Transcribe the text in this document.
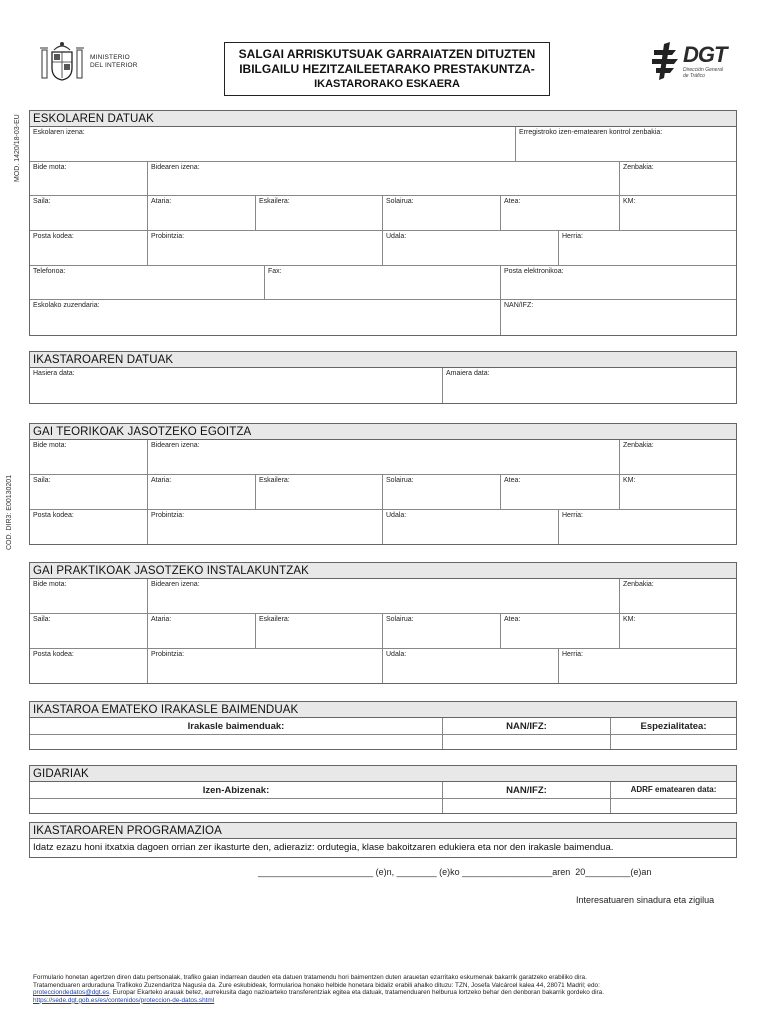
MINISTERIO
DEL INTERIOR
SALGAI ARRISKUTSUAK GARRAIATZEN DITUZTEN
IBILGAILU HEZITZAILEETARAKO PRESTAKUNTZA-
IKASTARORAKO ESKAERA
DGT
Dirección General
de Tráfico
MOD. 1420/18-03-EU
COD. DIR3: E00130201
ESKOLAREN DATUAK
Eskolaren izena:	Erregistroko izen-ematearen kontrol zenbakia:
Bide mota:	Bidearen izena:	Zenbakia:
Saila:	Ataria:	Eskailera:	Solairua:	Atea:	KM:
Posta kodea:	Probintzia:	Udala:	Herria:
Telefonoa:	Fax:	Posta elektronikoa:
Eskolako zuzendaria:	NAN/IFZ:
IKASTAROAREN DATUAK
Hasiera data:	Amaiera data:
GAI TEORIKOAK JASOTZEKO EGOITZA
Bide mota:	Bidearen izena:	Zenbakia:
Saila:	Ataria:	Eskailera:	Solairua:	Atea:	KM:
Posta kodea:	Probintzia:	Udala:	Herria:
GAI PRAKTIKOAK JASOTZEKO INSTALAKUNTZAK
Bide mota:	Bidearen izena:	Zenbakia:
Saila:	Ataria:	Eskailera:	Solairua:	Atea:	KM:
Posta kodea:	Probintzia:	Udala:	Herria:
IKASTAROA EMATEKO IRAKASLE BAIMENDUAK
Irakasle baimenduak:	NAN/IFZ:	Espezialitatea:
GIDARIAK
Izen-Abizenak:	NAN/IFZ:	ADRF ematearen data:
IKASTAROAREN PROGRAMAZIOA
Idatz ezazu honi itxatxia dagoen orrian zer ikasturte den, adieraziz: ordutegia, klase bakoitzaren edukiera eta nor den irakasle baimendua.
_______________________ (e)n, ________ (e)ko __________________aren  20_________(e)an
Interesatuaren sinadura eta zigilua
Formulario honetan agertzen diren datu pertsonalak, trafiko gaian indarrean dauden eta datuen tratamendu hori baimentzen duten arauetan ezarritako eskumenak bakarrik garatzeko erabiliko dira.
Tratamenduaren arduraduna Trafikoko Zuzendaritza Nagusia da. Zure eskubideak, formularioa honako helbide honetara bidaliz erabili ahalko dituzu: TZN, Josefa Valcárcel kalea 44, 28071 Madril; edo:
protecciondedatos@dgt.es. Europar Ekarteko arauak betez, aurrekusita dago nazioarteko transferentziak egitea eta datuak, tratamenduaren helburua lortzeko behar den denboran bakarrik gordeko dira.
https://sede.dgt.gob.es/es/contenidos/proteccion-de-datos.shtml
